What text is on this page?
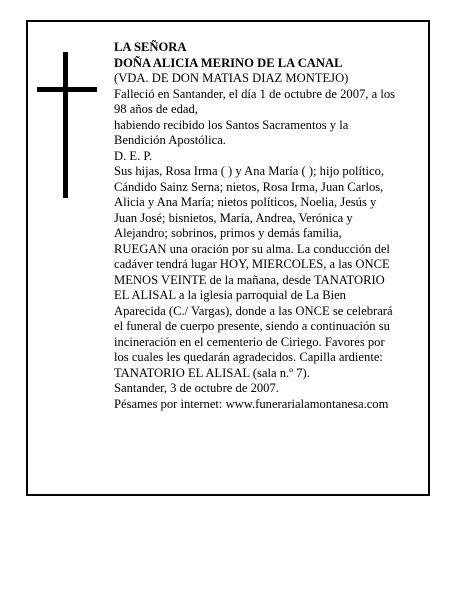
LA SEÑORA

DOÑA ALICIA MERINO DE LA CANAL

(VDA. DE DON MATIAS DIAZ MONTEJO)

Falleció en Santander, el día 1 de octubre de 2007, a los

98 años de edad,

habiendo recibido los Santos Sacramentos y la

Bendición Apostólica.

D. E. P.

Sus hijas, Rosa Irma ( ) y Ana María ( ); hijo político,

Cándido Sainz Serna; nietos, Rosa Irma, Juan Carlos,

Alicia y Ana María; nietos políticos, Noelia, Jesús y

Juan José; bisnietos, María, Andrea, Verónica y

Alejandro; sobrinos, primos y demás familia,

RUEGAN una oración por su alma. La conducción del

cadáver tendrá lugar HOY, MIERCOLES, a las ONCE

MENOS VEINTE de la mañana, desde TANATORIO

EL ALISAL a la iglesia parroquial de La Bien

Aparecida (C./ Vargas), donde a las ONCE se celebrará

el funeral de cuerpo presente, siendo a continuación su

incineración en el cementerio de Ciriego. Favores por

los cuales les quedarán agradecidos. Capilla ardiente:

TANATORIO EL ALISAL (sala n.º 7).

Santander, 3 de octubre de 2007.

Pésames por internet: www.funerarialamontanesa.com
